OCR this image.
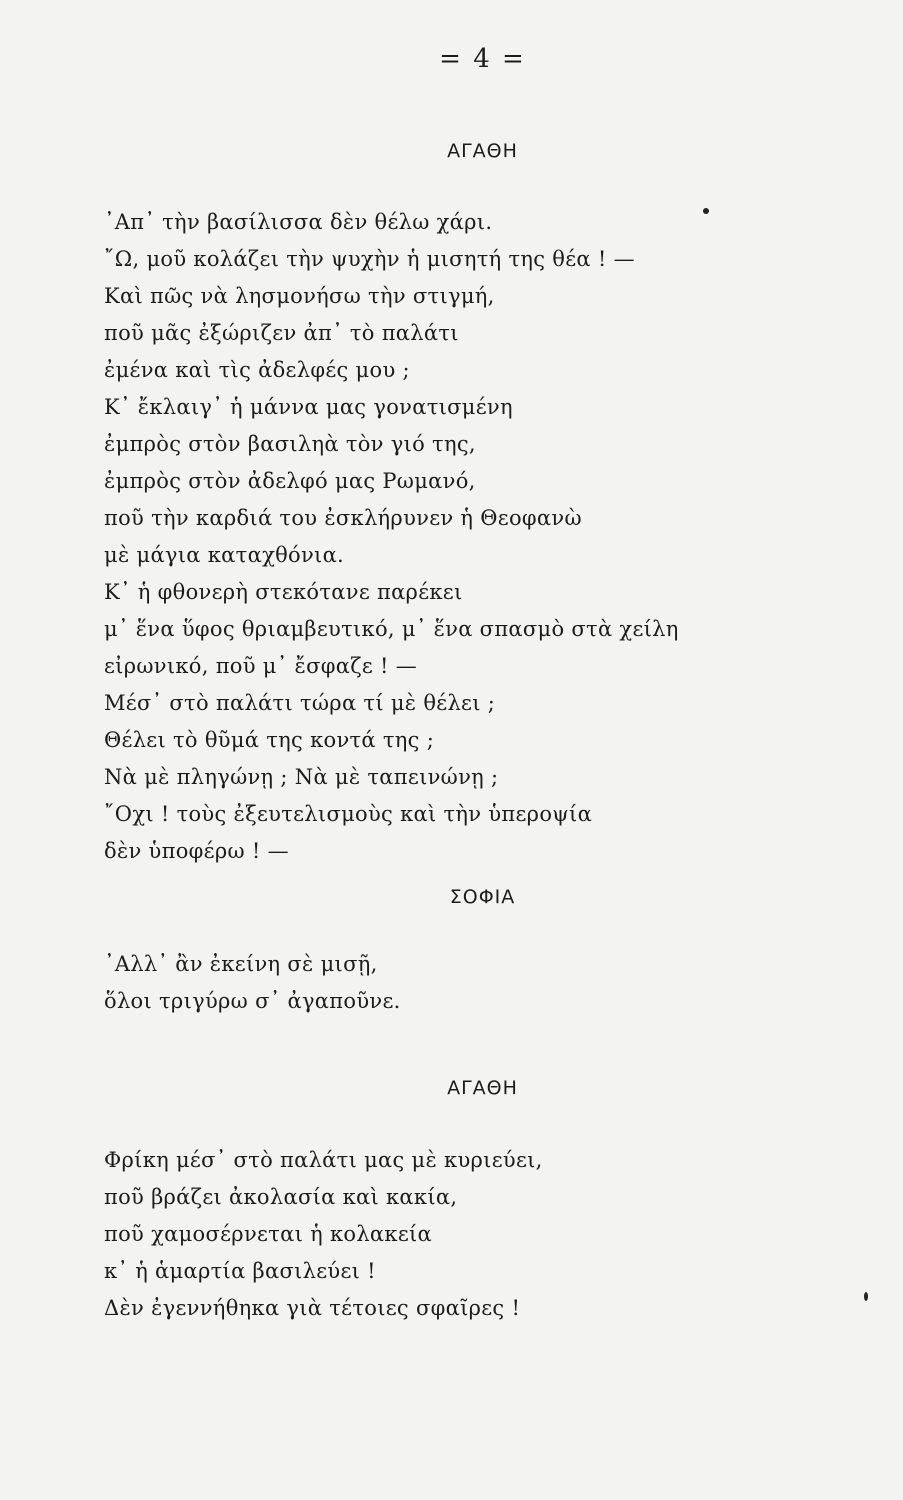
= 4 =
ΑΓΑΘΗ
᾿Απ᾿ τὴν βασίλισσα δὲν θέλω χάρι.
῎Ω, μοῦ κολάζει τὴν ψυχὴν ἡ μισητή της θέα ! —
Καὶ πῶς νὰ λησμονήσω τὴν στιγμή,
ποῦ μᾶς ἐξώριζεν ἀπ᾿ τὸ παλάτι
ἐμένα καὶ τὶς ἀδελφές μου ;
Κ᾿ ἔκλαιγ᾿ ἡ μάννα μας γονατισμένη
ἐμπρὸς στὸν βασιληὰ τὸν γιό της,
ἐμπρὸς στὸν ἀδελφό μας Ρωμανό,
ποῦ τὴν καρδιά του ἐσκλήρυνεν ἡ Θεοφανὼ
μὲ μάγια καταχθόνια.
Κ᾿ ἡ φθονερὴ στεκότανε παρέκει
μ᾿ ἕνα ὕφος θριαμβευτικό, μ᾿ ἕνα σπασμὸ στὰ χείλη
εἰρωνικό, ποῦ μ᾿ ἔσφαζε ! —
Μέσ᾿ στὸ παλάτι τώρα τί μὲ θέλει ;
Θέλει τὸ θῦμά της κοντά της ;
Νὰ μὲ πληγώνῃ ; Νὰ μὲ ταπεινώνῃ ;
῎Οχι ! τοὺς ἐξευτελισμοὺς καὶ τὴν ὑπεροψία
δὲν ὑποφέρω ! —
ΣΟΦΙΑ
᾿Αλλ᾿ ἂν ἐκείνη σὲ μισῇ,
ὅλοι τριγύρω σ᾿ ἀγαποῦνε.
ΑΓΑΘΗ
Φρίκη μέσ᾿ στὸ παλάτι μας μὲ κυριεύει,
ποῦ βράζει ἀκολασία καὶ κακία,
ποῦ χαμοσέρνεται ἡ κολακεία
κ᾿ ἡ ἁμαρτία βασιλεύει !
Δὲν ἐγεννήθηκα γιὰ τέτοιες σφαῖρες !
